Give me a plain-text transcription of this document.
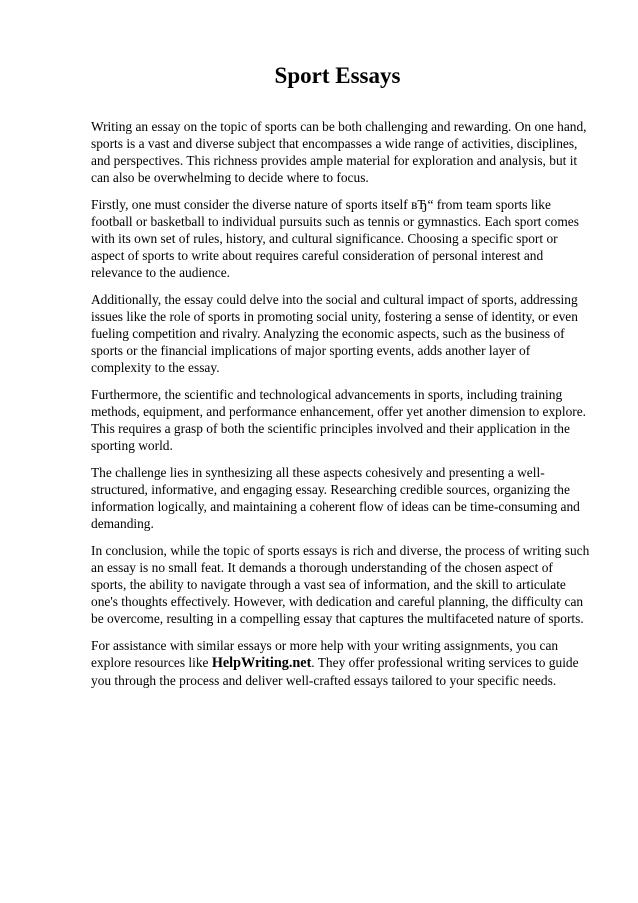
Sport Essays

Writing an essay on the topic of sports can be both challenging and rewarding. On one hand, sports is a vast and diverse subject that encompasses a wide range of activities, disciplines, and perspectives. This richness provides ample material for exploration and analysis, but it can also be overwhelming to decide where to focus.

Firstly, one must consider the diverse nature of sports itself вЂ“ from team sports like football or basketball to individual pursuits such as tennis or gymnastics. Each sport comes with its own set of rules, history, and cultural significance. Choosing a specific sport or aspect of sports to write about requires careful consideration of personal interest and relevance to the audience.

Additionally, the essay could delve into the social and cultural impact of sports, addressing issues like the role of sports in promoting social unity, fostering a sense of identity, or even fueling competition and rivalry. Analyzing the economic aspects, such as the business of sports or the financial implications of major sporting events, adds another layer of complexity to the essay.

Furthermore, the scientific and technological advancements in sports, including training methods, equipment, and performance enhancement, offer yet another dimension to explore. This requires a grasp of both the scientific principles involved and their application in the sporting world.

The challenge lies in synthesizing all these aspects cohesively and presenting a well-structured, informative, and engaging essay. Researching credible sources, organizing the information logically, and maintaining a coherent flow of ideas can be time-consuming and demanding.

In conclusion, while the topic of sports essays is rich and diverse, the process of writing such an essay is no small feat. It demands a thorough understanding of the chosen aspect of sports, the ability to navigate through a vast sea of information, and the skill to articulate one's thoughts effectively. However, with dedication and careful planning, the difficulty can be overcome, resulting in a compelling essay that captures the multifaceted nature of sports.

For assistance with similar essays or more help with your writing assignments, you can explore resources like HelpWriting.net. They offer professional writing services to guide you through the process and deliver well-crafted essays tailored to your specific needs.
